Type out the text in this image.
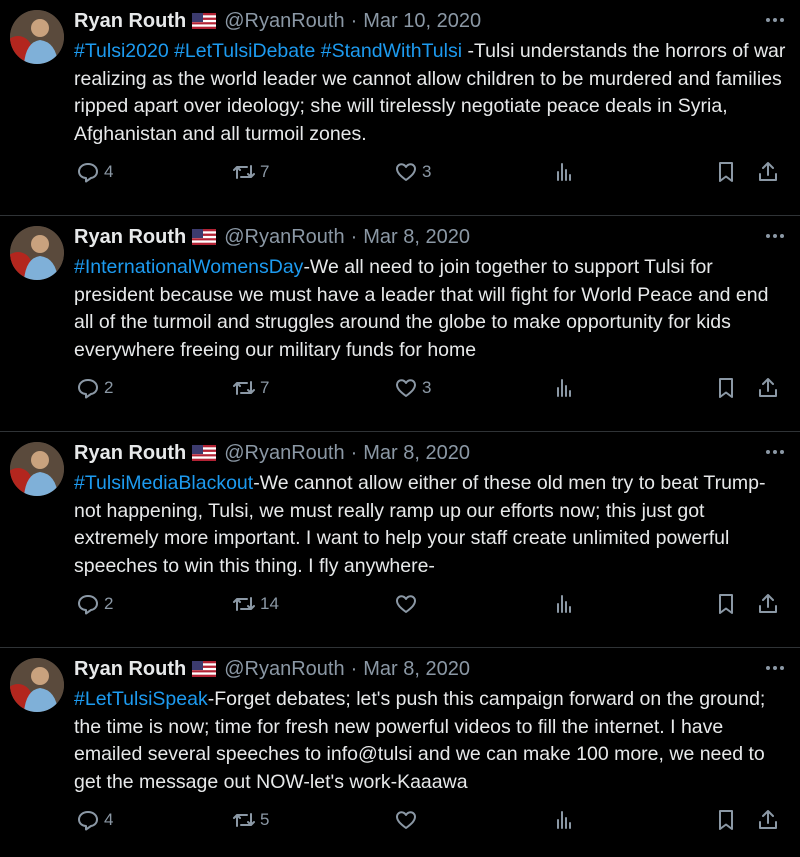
Ryan Routh @RyanRouth · Mar 10, 2020
#Tulsi2020 #LetTulsiDebate #StandWithTulsi -Tulsi understands the horrors of war realizing as the world leader we cannot allow children to be murdered and families ripped apart over ideology; she will tirelessly negotiate peace deals in Syria, Afghanistan and all turmoil zones.
4	7	3
Ryan Routh @RyanRouth · Mar 8, 2020
#InternationalWomensDay-We all need to join together to support Tulsi for president because we must have a leader that will fight for World Peace and end all of the turmoil and struggles around the globe to make opportunity for kids everywhere freeing our military funds for home
2	7	3
Ryan Routh @RyanRouth · Mar 8, 2020
#TulsiMediaBlackout-We cannot allow either of these old men try to beat Trump-not happening, Tulsi, we must really ramp up our efforts now; this just got extremely more important. I want to help your staff create unlimited powerful speeches to win this thing. I fly anywhere-
2	14
Ryan Routh @RyanRouth · Mar 8, 2020
#LetTulsiSpeak-Forget debates; let's push this campaign forward on the ground; the time is now; time for fresh new powerful videos to fill the internet. I have emailed several speeches to info@tulsi and we can make 100 more, we need to get the message out NOW-let's work-Kaaawa
4	5
